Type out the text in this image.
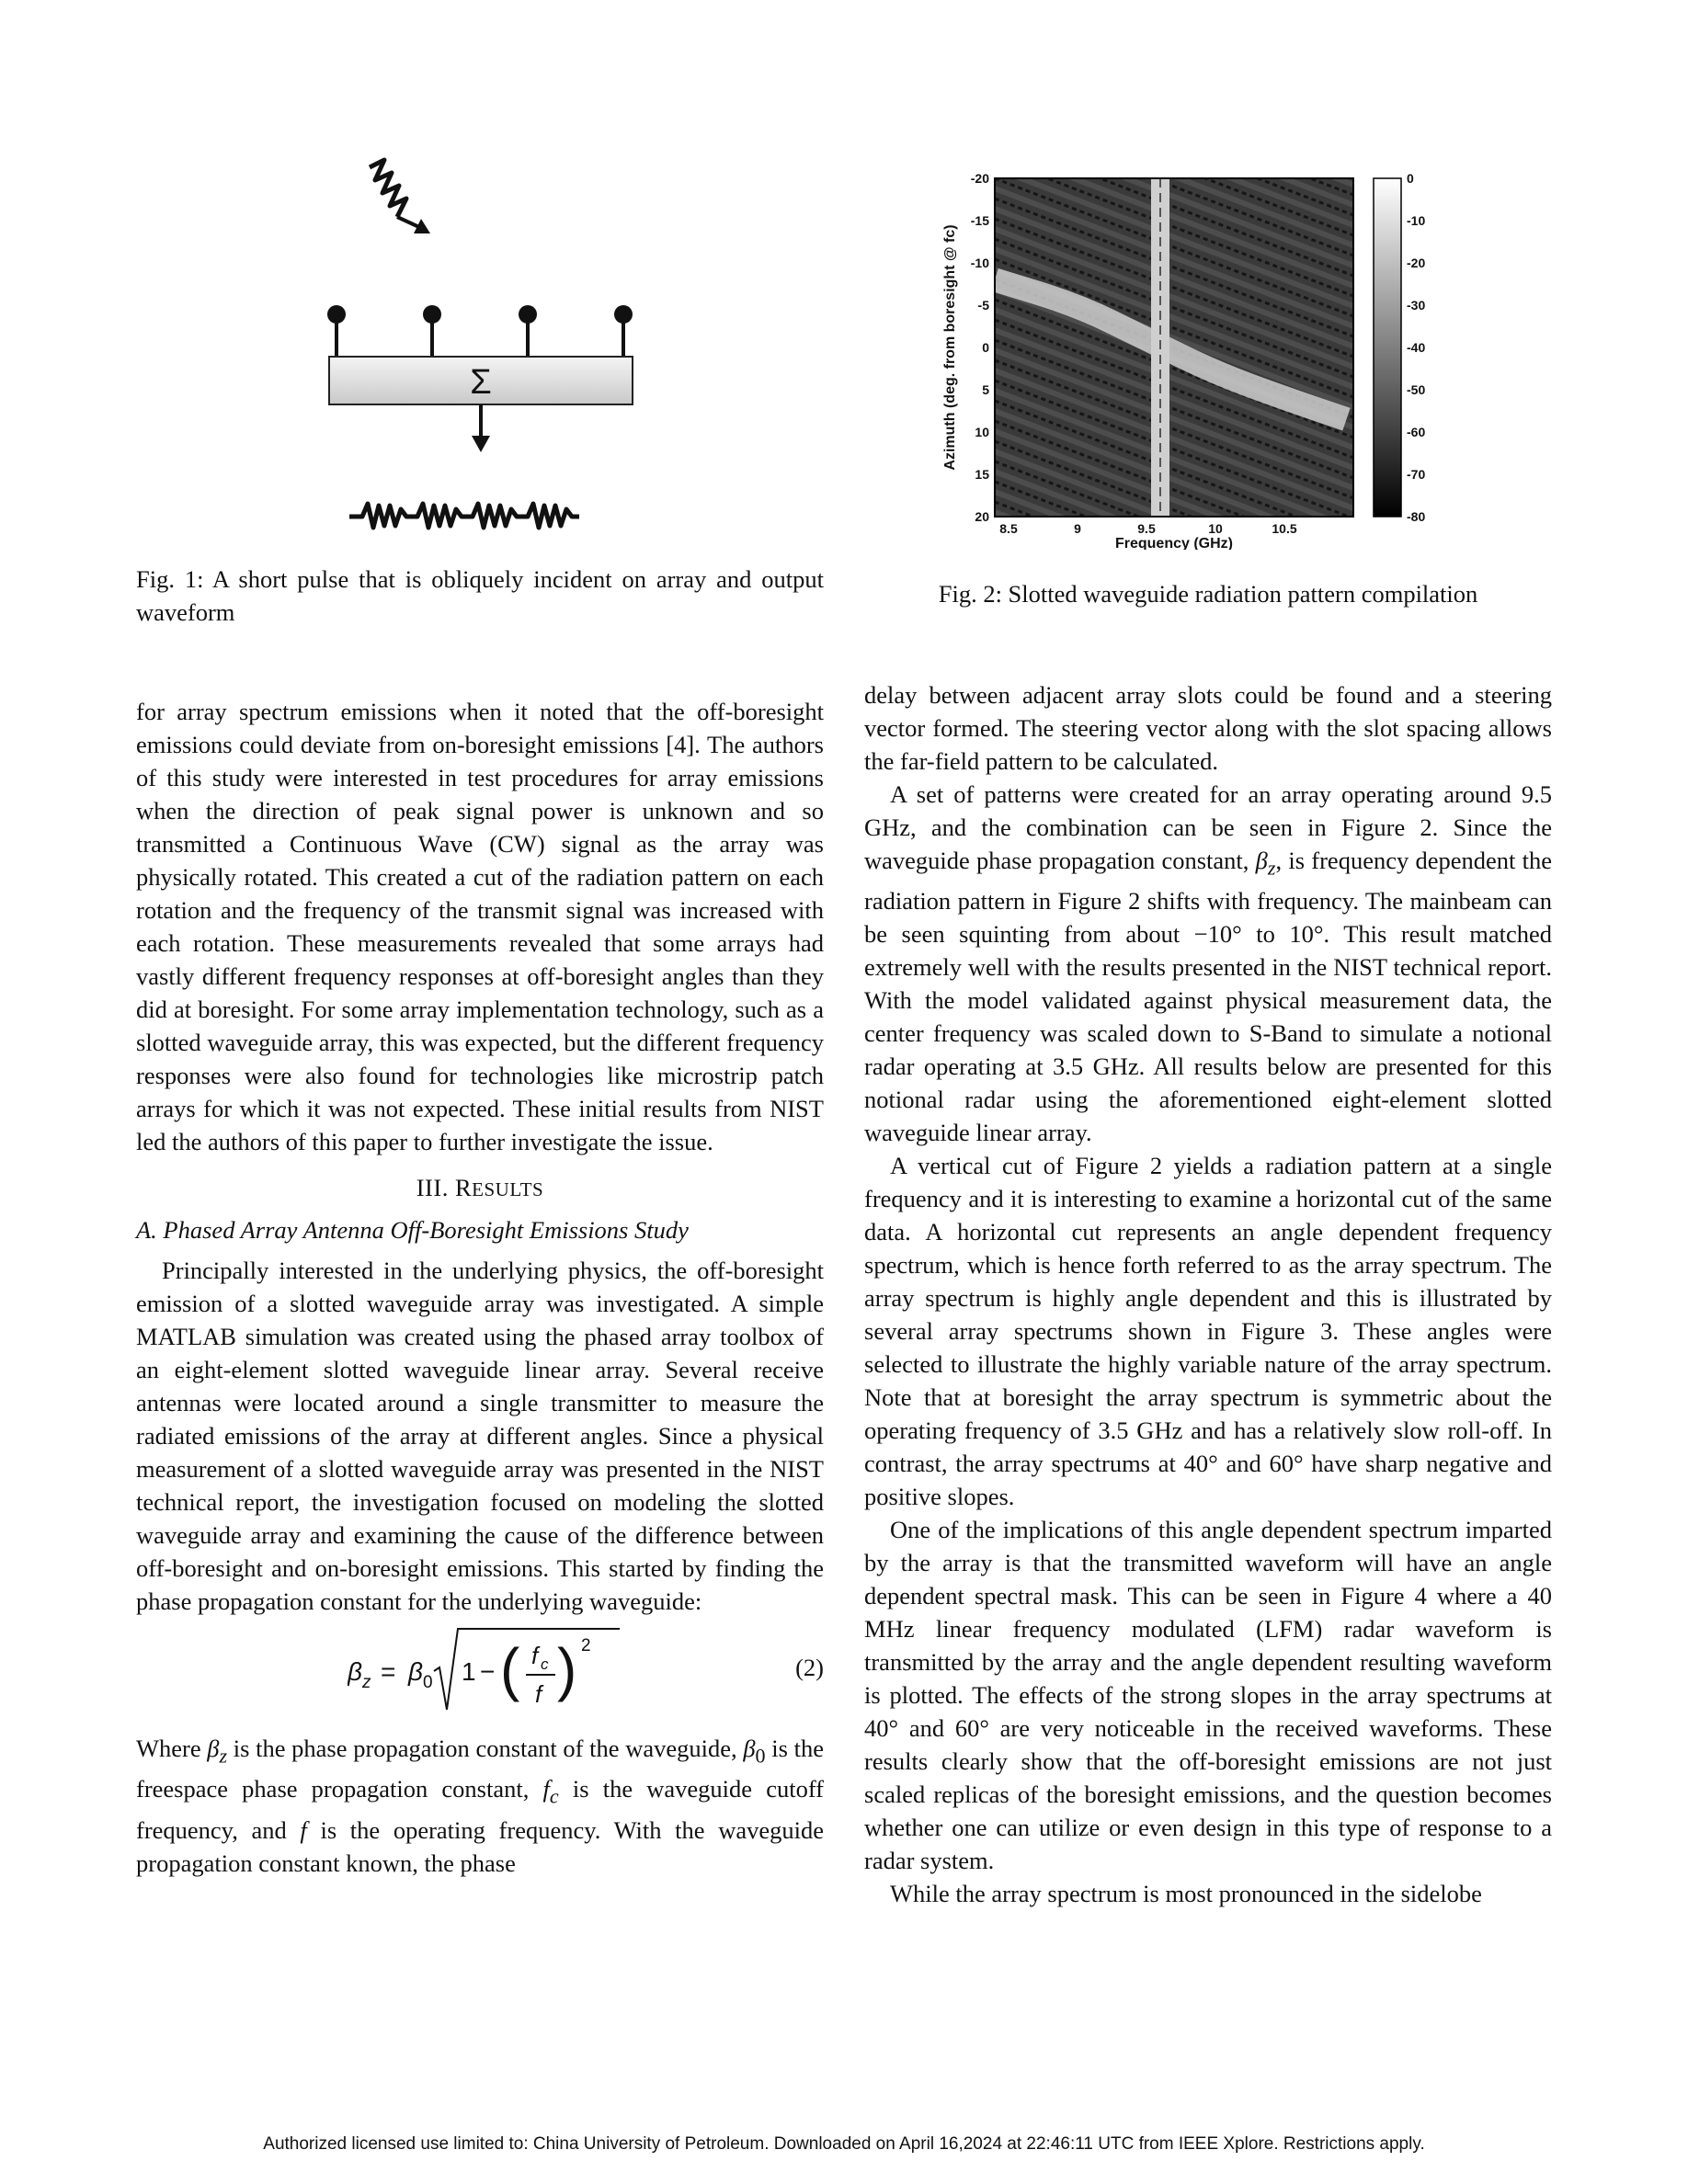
Σ
Fig. 1: A short pulse that is obliquely incident on array and output waveform
Azimuth (deg. from boresight @ fc)
-20
-15
-10
-5
0
5
10
15
20
8.5	9	9.5	10	10.5
Frequency (GHz)
0
-10
-20
-30
-40
-50
-60
-70
-80
Fig. 2: Slotted waveguide radiation pattern compilation

for array spectrum emissions when it noted that the off-boresight emissions could deviate from on-boresight emissions [4]. The authors of this study were interested in test procedures for array emissions when the direction of peak signal power is unknown and so transmitted a Continuous Wave (CW) signal as the array was physically rotated. This created a cut of the radiation pattern on each rotation and the frequency of the transmit signal was increased with each rotation. These measurements revealed that some arrays had vastly different frequency responses at off-boresight angles than they did at boresight. For some array implementation technology, such as a slotted waveguide array, this was expected, but the different frequency responses were also found for technologies like microstrip patch arrays for which it was not expected. These initial results from NIST led the authors of this paper to further investigate the issue.

III. RESULTS

A. Phased Array Antenna Off-Boresight Emissions Study

Principally interested in the underlying physics, the off-boresight emission of a slotted waveguide array was investigated. A simple MATLAB simulation was created using the phased array toolbox of an eight-element slotted waveguide linear array. Several receive antennas were located around a single transmitter to measure the radiated emissions of the array at different angles. Since a physical measurement of a slotted waveguide array was presented in the NIST technical report, the investigation focused on modeling the slotted waveguide array and examining the cause of the difference between off-boresight and on-boresight emissions. This started by finding the phase propagation constant for the underlying waveguide:

β z = β 0 1 − ( f c
f ) 2
(2)

Where $\beta_z$ is the phase propagation constant of the waveguide, $\beta_0$ is the freespace phase propagation constant, $f_c$ is the waveguide cutoff frequency, and f is the operating frequency. With the waveguide propagation constant known, the phase

delay between adjacent array slots could be found and a steering vector formed. The steering vector along with the slot spacing allows the far-field pattern to be calculated.

A set of patterns were created for an array operating around 9.5 GHz, and the combination can be seen in Figure 2. Since the waveguide phase propagation constant, $\beta_z$, is frequency dependent the radiation pattern in Figure 2 shifts with frequency. The mainbeam can be seen squinting from about −10° to 10°. This result matched extremely well with the results presented in the NIST technical report. With the model validated against physical measurement data, the center frequency was scaled down to S-Band to simulate a notional radar operating at 3.5 GHz. All results below are presented for this notional radar using the aforementioned eight-element slotted waveguide linear array.

A vertical cut of Figure 2 yields a radiation pattern at a single frequency and it is interesting to examine a horizontal cut of the same data. A horizontal cut represents an angle dependent frequency spectrum, which is hence forth referred to as the array spectrum. The array spectrum is highly angle dependent and this is illustrated by several array spectrums shown in Figure 3. These angles were selected to illustrate the highly variable nature of the array spectrum. Note that at boresight the array spectrum is symmetric about the operating frequency of 3.5 GHz and has a relatively slow roll-off. In contrast, the array spectrums at 40° and 60° have sharp negative and positive slopes.

One of the implications of this angle dependent spectrum imparted by the array is that the transmitted waveform will have an angle dependent spectral mask. This can be seen in Figure 4 where a 40 MHz linear frequency modulated (LFM) radar waveform is transmitted by the array and the angle dependent resulting waveform is plotted. The effects of the strong slopes in the array spectrums at 40° and 60° are very noticeable in the received waveforms. These results clearly show that the off-boresight emissions are not just scaled replicas of the boresight emissions, and the question becomes whether one can utilize or even design in this type of response to a radar system.

While the array spectrum is most pronounced in the sidelobe

Authorized licensed use limited to: China University of Petroleum. Downloaded on April 16,2024 at 22:46:11 UTC from IEEE Xplore. Restrictions apply.
